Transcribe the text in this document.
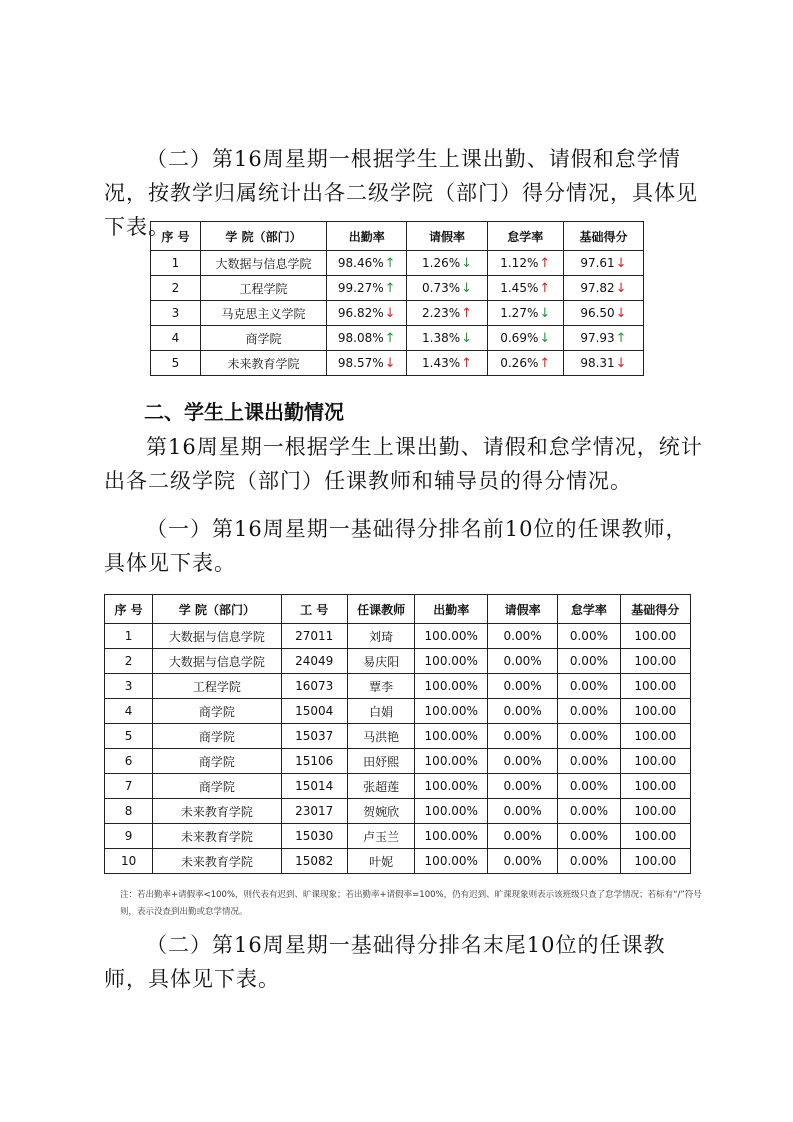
（二）第16周星期一根据学生上课出勤、请假和怠学情况，按教学归属统计出各二级学院（部门）得分情况，具体见下表。

序 号	学 院（部门）	出勤率	请假率	怠学率	基础得分
1	大数据与信息学院	98.46%↑	1.26%↓	1.12%↑	97.61↓
2	工程学院	99.27%↑	0.73%↓	1.45%↑	97.82↓
3	马克思主义学院	96.82%↓	2.23%↑	1.27%↓	96.50↓
4	商学院	98.08%↑	1.38%↓	0.69%↓	97.93↑
5	未来教育学院	98.57%↓	1.43%↑	0.26%↑	98.31↓

二、学生上课出勤情况

第16周星期一根据学生上课出勤、请假和怠学情况，统计出各二级学院（部门）任课教师和辅导员的得分情况。

（一）第16周星期一基础得分排名前10位的任课教师，具体见下表。

序 号	学 院（部门）	工 号	任课教师	出勤率	请假率	怠学率	基础得分
1	大数据与信息学院	27011	刘琦	100.00%	0.00%	0.00%	100.00
2	大数据与信息学院	24049	易庆阳	100.00%	0.00%	0.00%	100.00
3	工程学院	16073	覃李	100.00%	0.00%	0.00%	100.00
4	商学院	15004	白娟	100.00%	0.00%	0.00%	100.00
5	商学院	15037	马洪艳	100.00%	0.00%	0.00%	100.00
6	商学院	15106	田妤熙	100.00%	0.00%	0.00%	100.00
7	商学院	15014	张超莲	100.00%	0.00%	0.00%	100.00
8	未来教育学院	23017	贺婉欣	100.00%	0.00%	0.00%	100.00
9	未来教育学院	15030	卢玉兰	100.00%	0.00%	0.00%	100.00
10	未来教育学院	15082	叶妮	100.00%	0.00%	0.00%	100.00

注：若出勤率+请假率<100%，则代表有迟到、旷课现象；若出勤率+请假率=100%，仍有迟到、旷课现象则表示该班级只查了怠学情况；若标有“/”符号则，表示没查到出勤或怠学情况。

（二）第16周星期一基础得分排名末尾10位的任课教师，具体见下表。
